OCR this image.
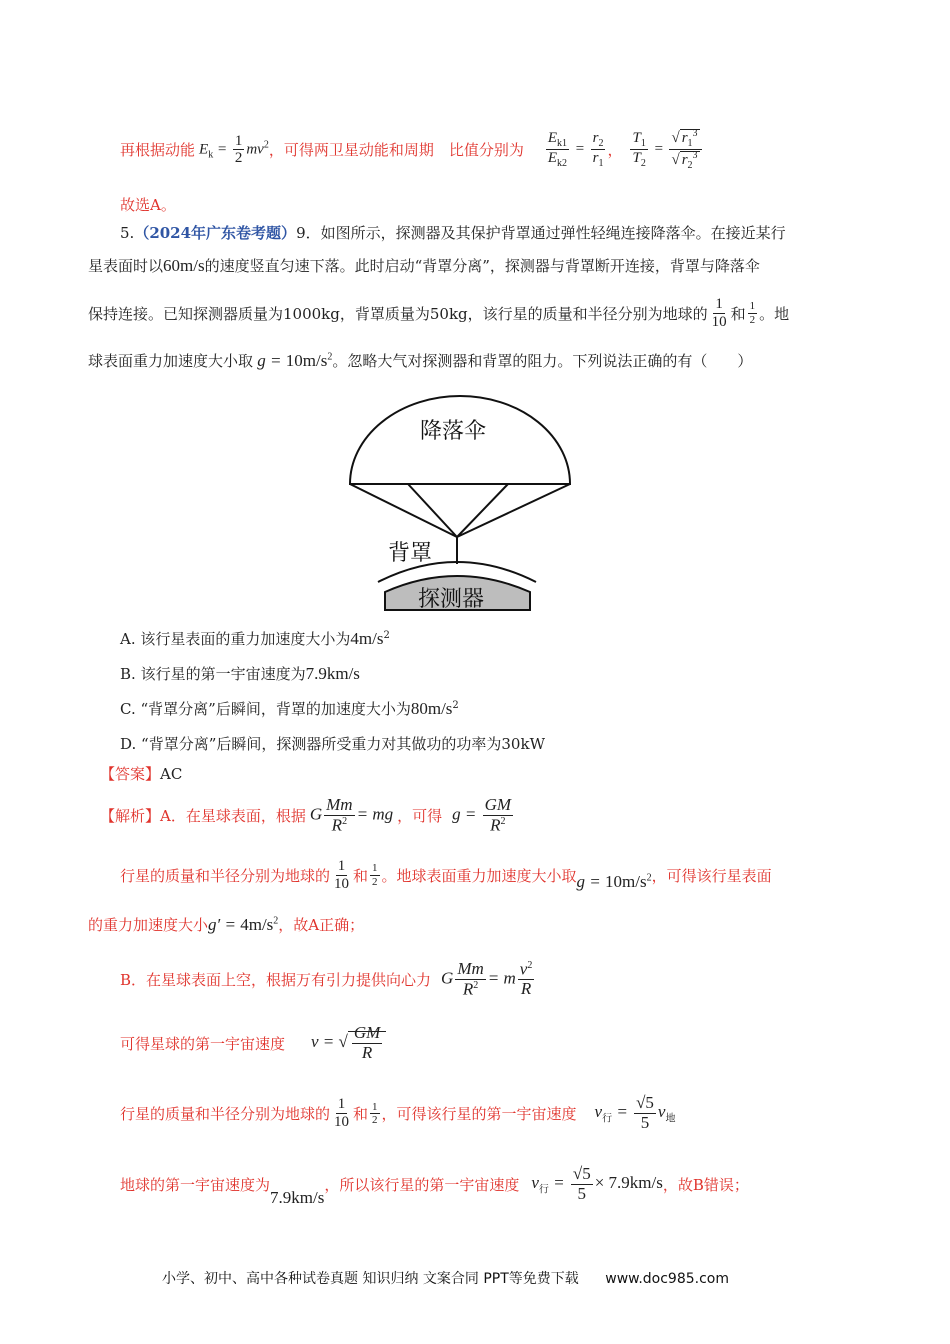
再根据动能 $E_k = \frac{1}{2} mv^2$ ，可得两卫星动能和周期　比值分别为 $\frac{E_{k1}}{E_{k2}} = \frac{r_2}{r_1}$ ， $\frac{T_1}{T_2} = \frac{√ r_1^3}{√ r_2^3}$
故选A。
5.（2024年广东卷考题）9．如图所示，探测器及其保护背罩通过弹性轻绳连接降落伞。在接近某行
星表面时以60m/s的速度竖直匀速下落。此时启动“背罩分离”，探测器与背罩断开连接，背罩与降落伞
保持连接。已知探测器质量为1000kg，背罩质量为50kg，该行星的质量和半径分别为地球的 $\frac{1}{10}$ 和 $\frac{1}{2}$ 。地
球表面重力加速度大小取 $g = 10m/s^2$。忽略大气对探测器和背罩的阻力。下列说法正确的有（　　）
降落伞
背罩
探测器
A. 该行星表面的重力加速度大小为$4m/s^2$
B. 该行星的第一宇宙速度为7.9km/s
C. “背罩分离”后瞬间，背罩的加速度大小为$80m/s^2$
D. “背罩分离”后瞬间，探测器所受重力对其做功的功率为30kW
【答案】AC
【解析】 A．在星球表面，根据 G $\frac{Mm}{R^2}$ = mg ，可得 $g = \frac{GM}{R^2}$
行星的质量和半径分别为地球的 $\frac{1}{10}$ 和 $\frac{1}{2}$ 。地球表面重力加速度大小取 $g = 10m/s^2$ ，可得该行星表面
的重力加速度大小$g' = 4m/s^2$，故A正确；
B．在星球表面上空，根据万有引力提供向心力 G $\frac{Mm}{R^2} = m \frac{v^2}{R}$
可得星球的第一宇宙速度 v = √ $\frac{GM}{R}$
行星的质量和半径分别为地球的 $\frac{1}{10}$ 和 $\frac{1}{2}$ ，可得该行星的第一宇宙速度 $v_行 = \frac{√5}{5} v_地$
地球的第一宇宙速度为
7.9km/s
，所以该行星的第一宇宙速度 $v_行 = \frac{√5}{5} \times 7.9km/s$ ，故B错误；
小学、初中、高中各种试卷真题 知识归纳 文案合同 PPT等免费下载 www.doc985.com
